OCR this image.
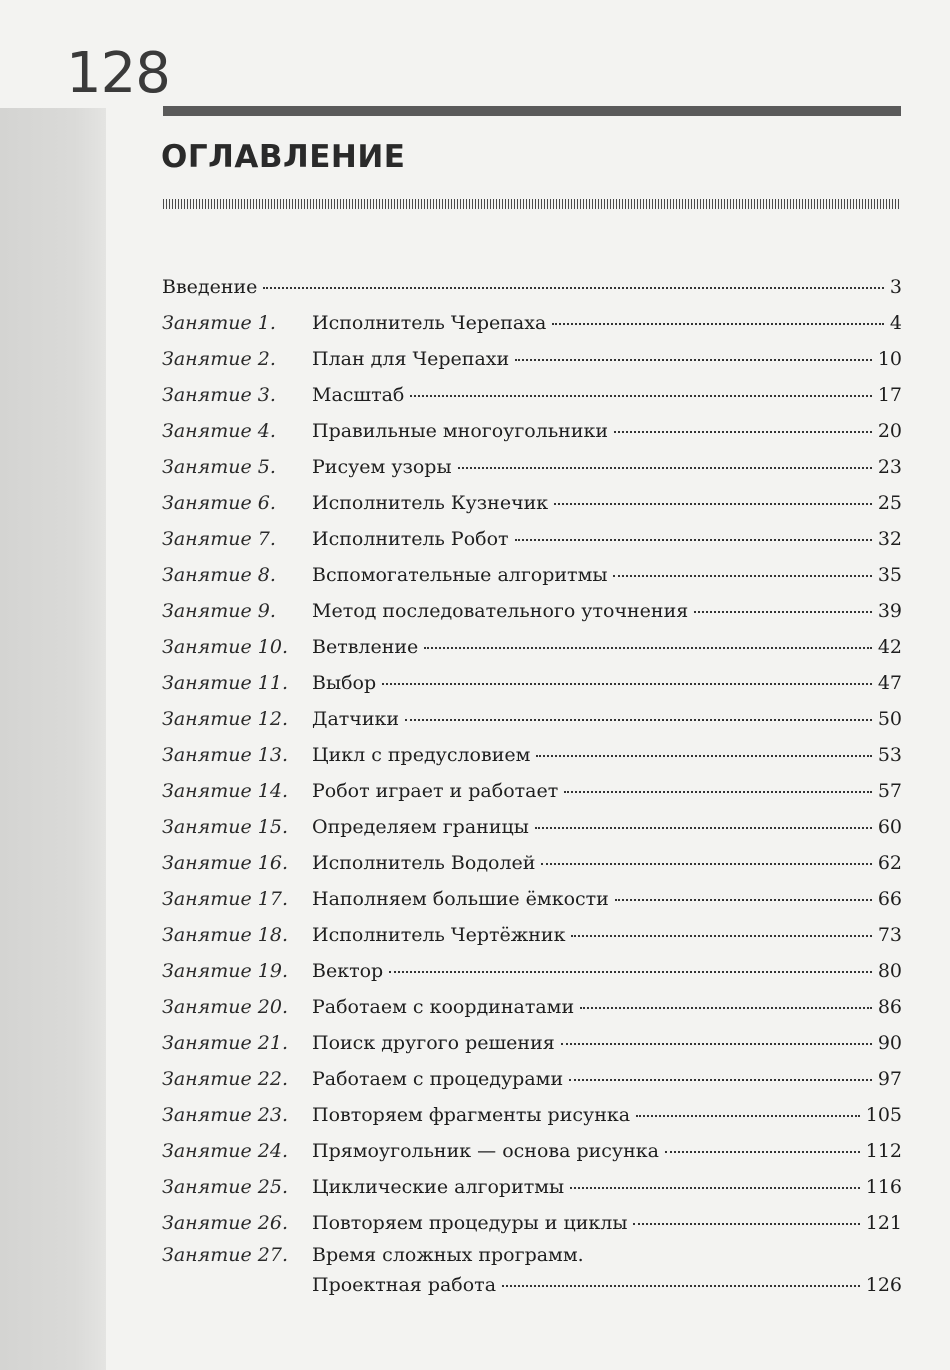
128
ОГЛАВЛЕНИЕ
Введение	3
Занятие 1.	Исполнитель Черепаха	4
Занятие 2.	План для Черепахи	10
Занятие 3.	Масштаб	17
Занятие 4.	Правильные многоугольники	20
Занятие 5.	Рисуем узоры	23
Занятие 6.	Исполнитель Кузнечик	25
Занятие 7.	Исполнитель Робот	32
Занятие 8.	Вспомогательные алгоритмы	35
Занятие 9.	Метод последовательного уточнения	39
Занятие 10.	Ветвление	42
Занятие 11.	Выбор	47
Занятие 12.	Датчики	50
Занятие 13.	Цикл с предусловием	53
Занятие 14.	Робот играет и работает	57
Занятие 15.	Определяем границы	60
Занятие 16.	Исполнитель Водолей	62
Занятие 17.	Наполняем большие ёмкости	66
Занятие 18.	Исполнитель Чертёжник	73
Занятие 19.	Вектор	80
Занятие 20.	Работаем с координатами	86
Занятие 21.	Поиск другого решения	90
Занятие 22.	Работаем с процедурами	97
Занятие 23.	Повторяем фрагменты рисунка	105
Занятие 24.	Прямоугольник — основа рисунка	112
Занятие 25.	Циклические алгоритмы	116
Занятие 26.	Повторяем процедуры и циклы	121
Занятие 27.	Время сложных программ.
Проектная работа	126
